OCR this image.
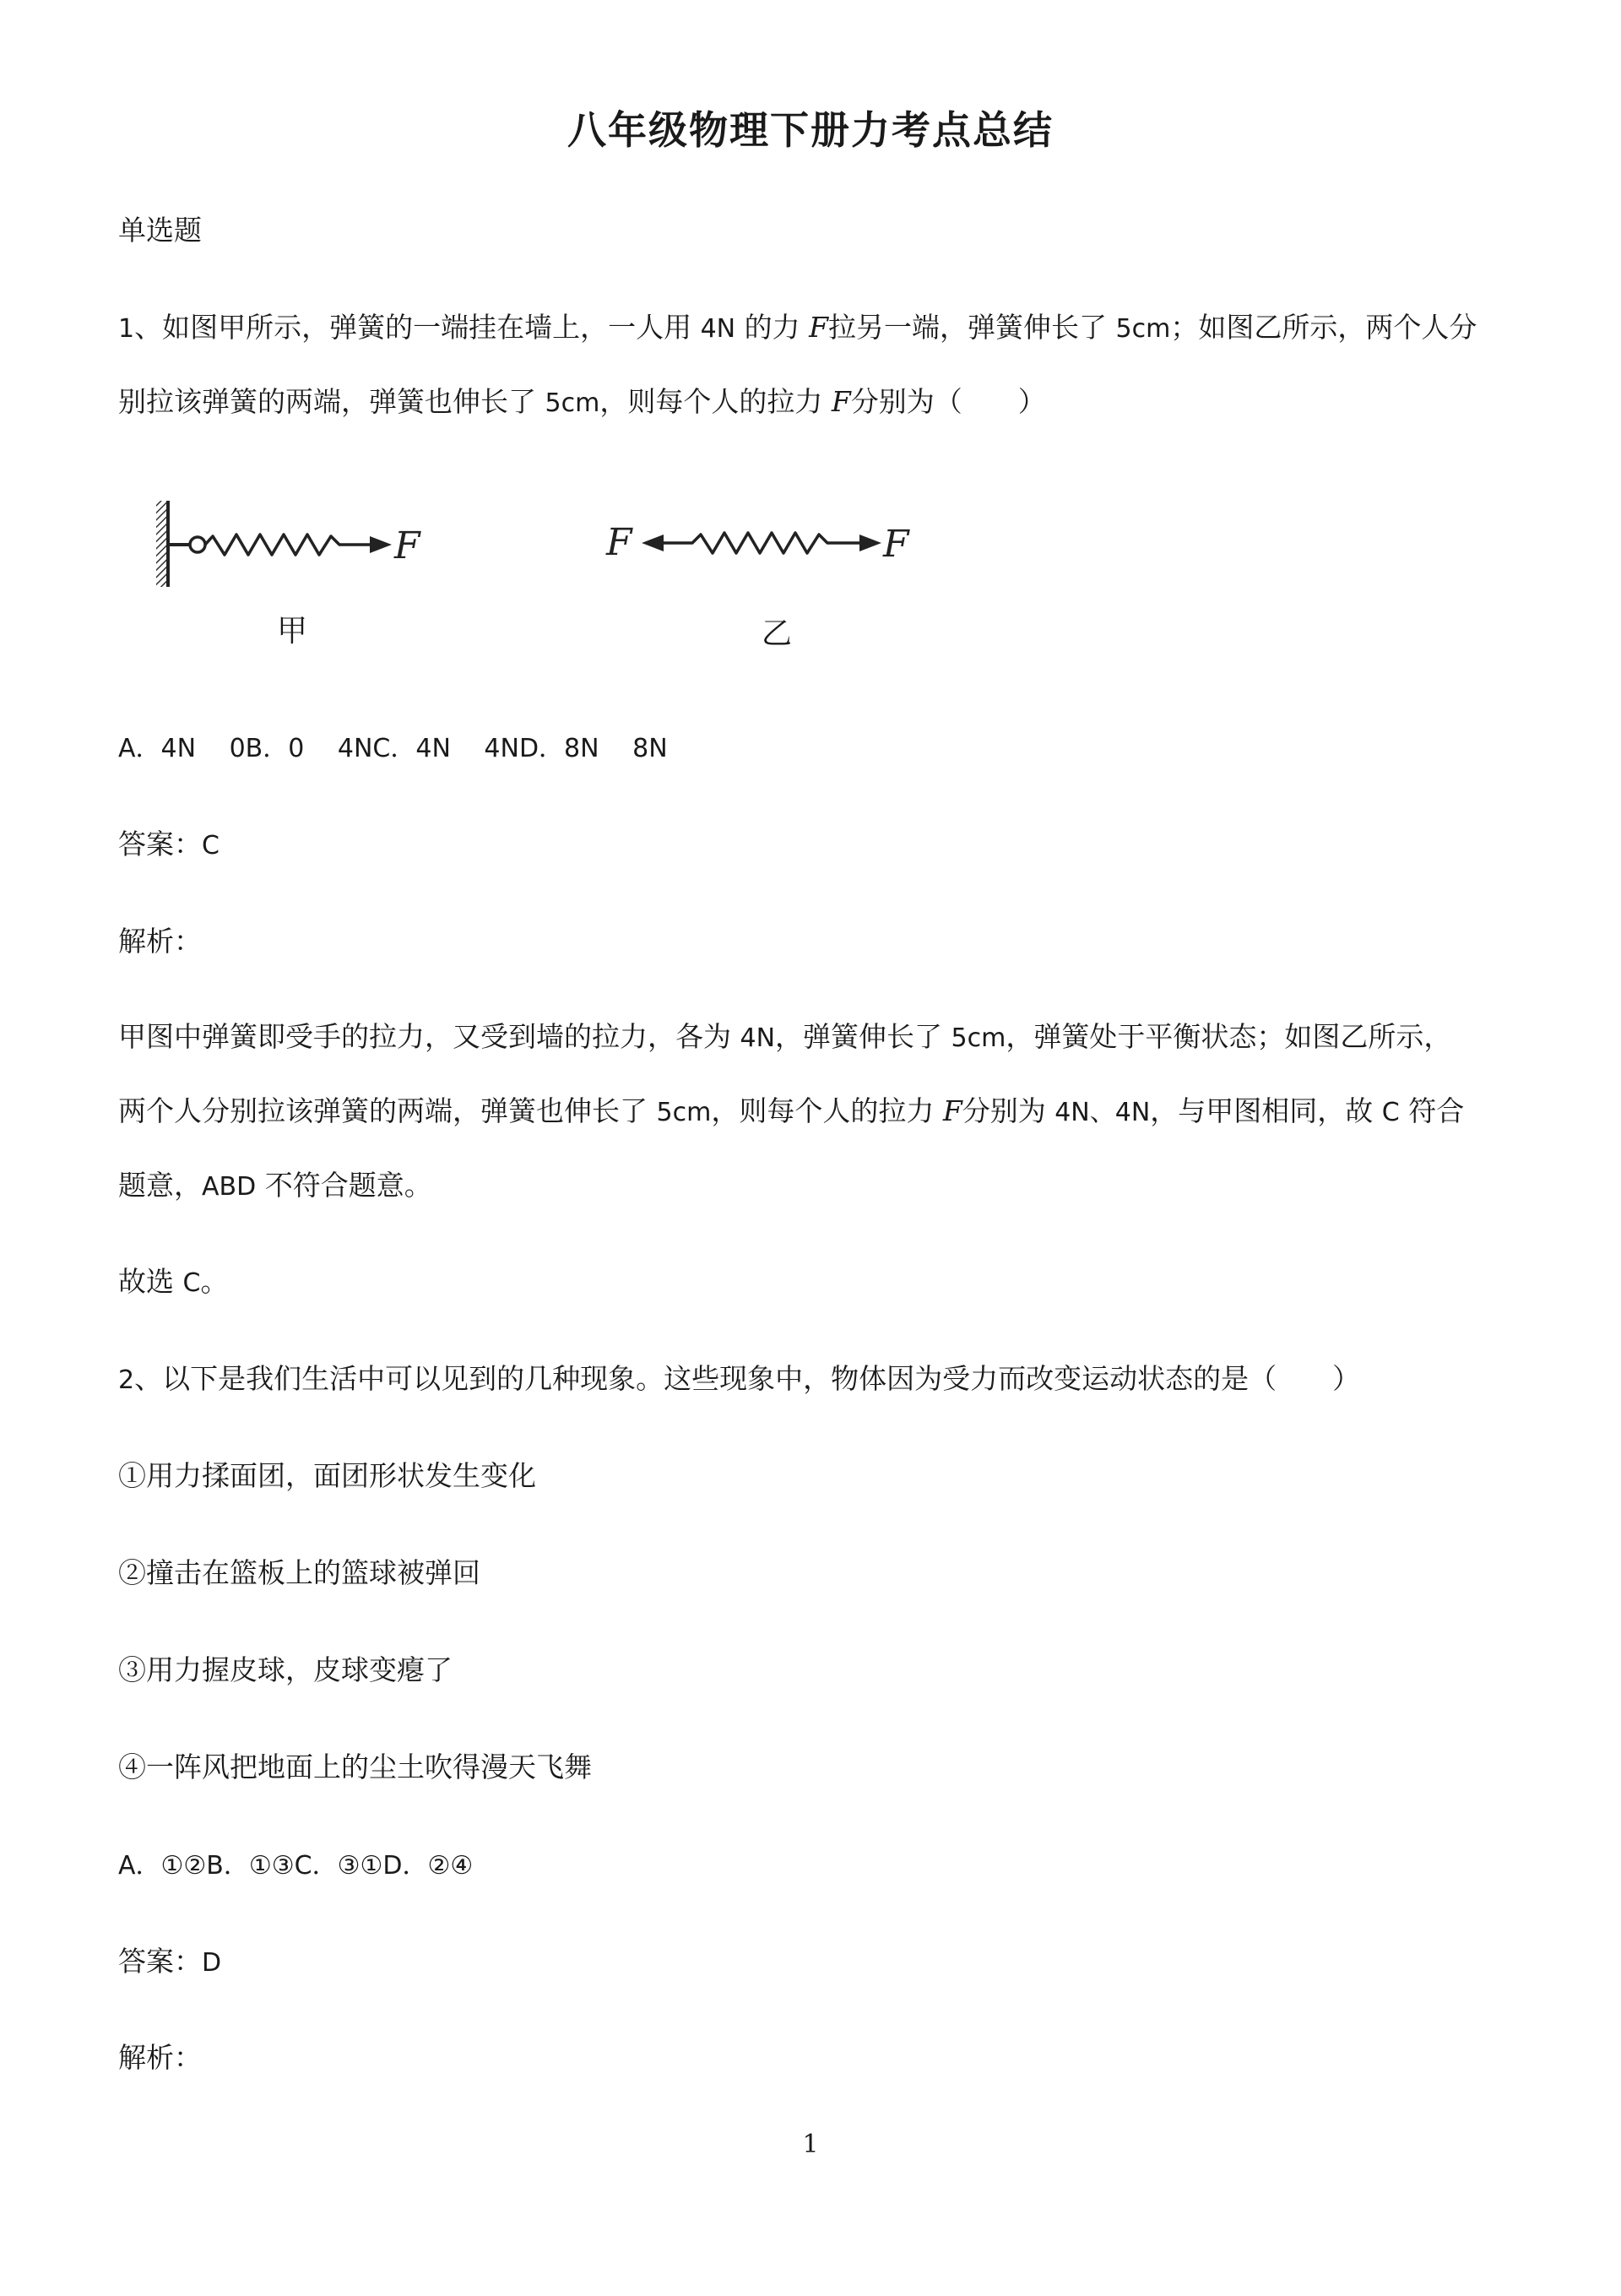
八年级物理下册力考点总结
单选题
1、如图甲所示，弹簧的一端挂在墙上，一人用 4N 的力 F拉另一端，弹簧伸长了 5cm；如图乙所示，两个人分
别拉该弹簧的两端，弹簧也伸长了 5cm，则每个人的拉力 F分别为（　　）
F	F	F
甲	乙
A．4N　 0B．0　 4NC．4N　 4ND．8N　 8N
答案：C
解析：
甲图中弹簧即受手的拉力，又受到墙的拉力，各为 4N，弹簧伸长了 5cm，弹簧处于平衡状态；如图乙所示，
两个人分别拉该弹簧的两端，弹簧也伸长了 5cm，则每个人的拉力 F分别为 4N、4N，与甲图相同，故 C 符合
题意，ABD 不符合题意。
故选 C。
2、以下是我们生活中可以见到的几种现象。这些现象中，物体因为受力而改变运动状态的是（　　）
①用力揉面团，面团形状发生变化
②撞击在篮板上的篮球被弹回
③用力握皮球，皮球变瘪了
④一阵风把地面上的尘土吹得漫天飞舞
A．①②B．①③C．③①D．②④
答案：D
解析：
1
